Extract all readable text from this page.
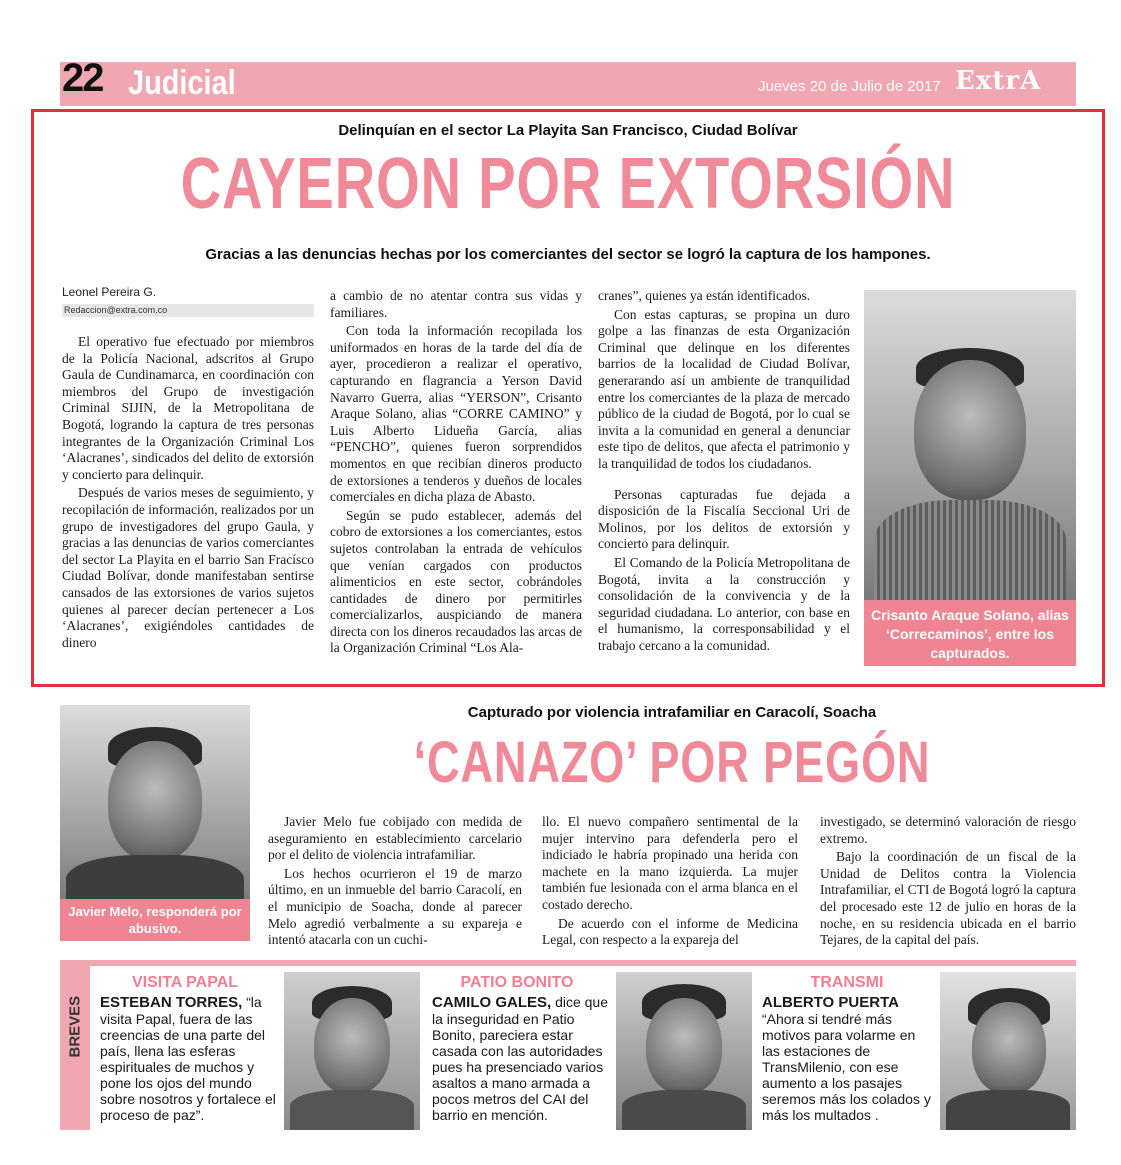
22 Judicial	Jueves 20 de Julio de 2017 ExtrA
Delinquían en el sector La Playita San Francisco, Ciudad Bolívar
CAYERON POR EXTORSIÓN
Gracias a las denuncias hechas por los comerciantes del sector se logró la captura de los hampones.
Leonel Pereira G.
Redaccion@extra.com.co

El operativo fue efectuado por miembros de la Policía Nacional, adscritos al Grupo Gaula de Cundinamarca, en coordinación con miembros del Grupo de investigación Criminal SIJIN, de la Metropolitana de Bogotá, logrando la captura de tres personas integrantes de la Organización Criminal Los ‘Alacranes’, sindicados del delito de extorsión y concierto para delinquir.

Después de varios meses de seguimiento, y recopilación de información, realizados por un grupo de investigadores del grupo Gaula, y gracias a las denuncias de varios comerciantes del sector La Playita en el barrio San Fracísco Ciudad Bolívar, donde manifestaban sentirse cansados de las extorsiones de varios sujetos quienes al parecer decían pertenecer a Los ‘Alacranes’, exigiéndoles cantidades de dinero

a cambio de no atentar contra sus vidas y familiares.

Con toda la información recopilada los uniformados en horas de la tarde del día de ayer, procedieron a realizar el operativo, capturando en flagrancia a Yerson David Navarro Guerra, alias “YERSON”, Crisanto Araque Solano, alias “CORRE CAMINO” y Luis Alberto Lidueña García, alias “PENCHO”, quienes fueron sorprendidos momentos en que recibían dineros producto de extorsiones a tenderos y dueños de locales comerciales en dicha plaza de Abasto.

Según se pudo establecer, además del cobro de extorsiones a los comerciantes, estos sujetos controlaban la entrada de vehículos que venían cargados con productos alimenticios en este sector, cobrándoles cantidades de dinero por permitirles comercializarlos, auspiciando de manera directa con los dineros recaudados las arcas de la Organización Criminal “Los Ala-

cranes”, quienes ya están identificados.

Con estas capturas, se propina un duro golpe a las finanzas de esta Organización Criminal que delinque en los diferentes barrios de la localidad de Ciudad Bolívar, generarando así un ambiente de tranquilidad entre los comerciantes de la plaza de mercado público de la ciudad de Bogotá, por lo cual se invita a la comunidad en general a denunciar este tipo de delitos, que afecta el patrimonio y la tranquilidad de todos los ciudadanos.

Personas capturadas fue dejada a disposición de la Fiscalía Seccional Uri de Molinos, por los delitos de extorsión y concierto para delinquir.

El Comando de la Policía Metropolitana de Bogotá, invita a la construcción y consolidación de la convivencia y de la seguridad ciudadana. Lo anterior, con base en el humanismo, la corresponsabilidad y el trabajo cercano a la comunidad.

Crisanto Araque Solano, alias ‘Correcaminos’, entre los capturados.
Javier Melo, responderá por abusivo.
Capturado por violencia intrafamiliar en Caracolí, Soacha
‘CANAZO’ POR PEGÓN

Javier Melo fue cobijado con medida de aseguramiento en establecimiento carcelario por el delito de violencia intrafamiliar.

Los hechos ocurrieron el 19 de marzo último, en un inmueble del barrio Caracolí, en el municipio de Soacha, donde al parecer Melo agredió verbalmente a su expareja e intentó atacarla con un cuchi-

llo. El nuevo compañero sentimental de la mujer intervino para defenderla pero el indiciado le habría propinado una herida con machete en la mano izquierda. La mujer también fue lesionada con el arma blanca en el costado derecho.

De acuerdo con el informe de Medicina Legal, con respecto a la expareja del

investigado, se determinó valoración de riesgo extremo.

Bajo la coordinación de un fiscal de la Unidad de Delitos contra la Violencia Intrafamiliar, el CTI de Bogotá logró la captura del procesado este 12 de julio en horas de la noche, en su residencia ubicada en el barrio Tejares, de la capital del país.

BREVES
VISITA PAPAL
ESTEBAN TORRES, “la visita Papal, fuera de las creencias de una parte del país, llena las esferas espirituales de muchos y pone los ojos del mundo sobre nosotros y fortalece el proceso de paz”.
PATIO BONITO
CAMILO GALES, dice que la inseguridad en Patio Bonito, pareciera estar casada con las autoridades pues ha presenciado varios asaltos a mano armada a pocos metros del CAI del barrio en mención.
TRANSMI
ALBERTO PUERTA
“Ahora si tendré más motivos para volarme en las estaciones de TransMilenio, con ese aumento a los pasajes seremos más los colados y más los multados .
